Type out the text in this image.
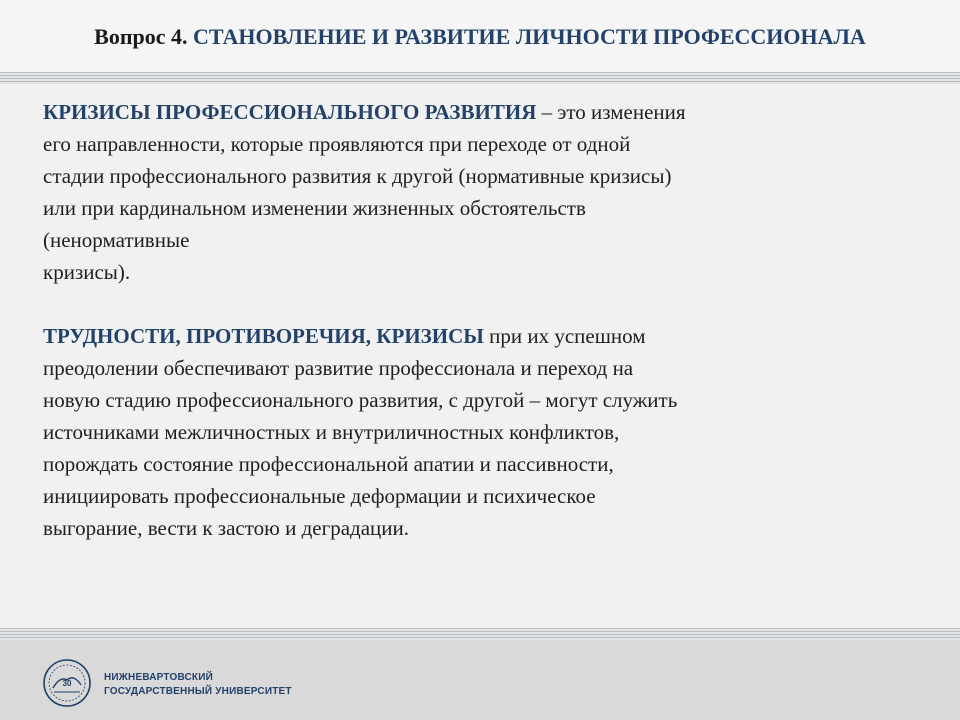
Вопрос 4. СТАНОВЛЕНИЕ И РАЗВИТИЕ ЛИЧНОСТИ ПРОФЕССИОНАЛА
КРИЗИСЫ ПРОФЕССИОНАЛЬНОГО РАЗВИТИЯ – это изменения
его направленности, которые проявляются при переходе от одной
стадии профессионального развития к другой (нормативные кризисы)
или при кардинальном изменении жизненных обстоятельств
(ненормативные
кризисы).
ТРУДНОСТИ, ПРОТИВОРЕЧИЯ, КРИЗИСЫ при их успешном
преодолении обеспечивают развитие профессионала и переход на
новую стадию профессионального развития, с другой – могут служить
источниками межличностных и внутриличностных конфликтов,
порождать состояние профессиональной апатии и пассивности,
инициировать профессиональные деформации и психическое
выгорание, вести к застою и деградации.
30
НИЖНЕВАРТОВСКИЙ
ГОСУДАРСТВЕННЫЙ УНИВЕРСИТЕТ
